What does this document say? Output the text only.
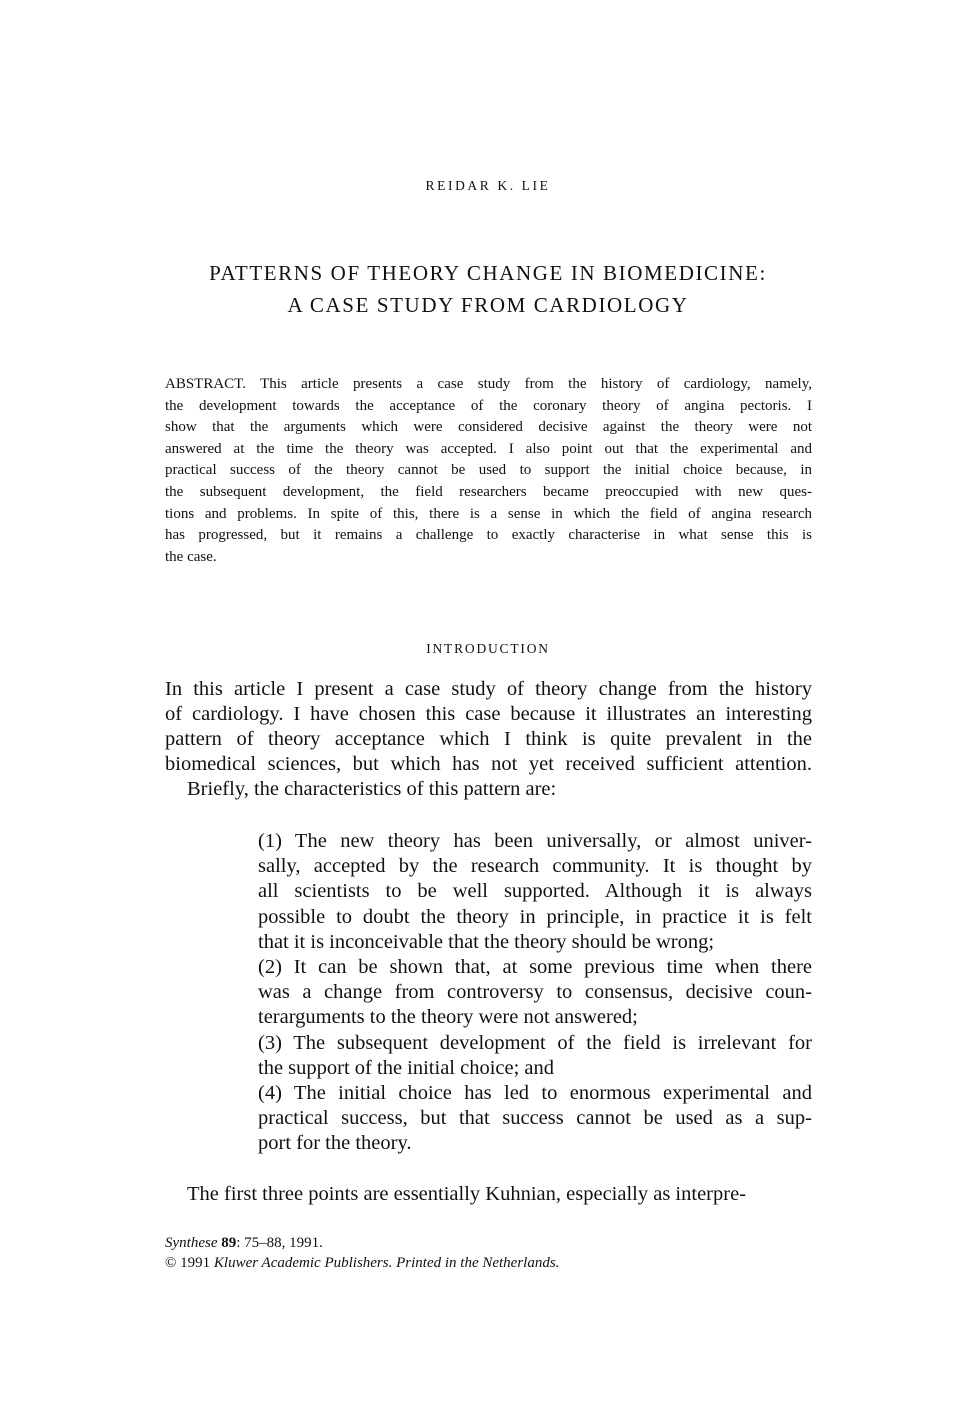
REIDAR K. LIE
PATTERNS OF THEORY CHANGE IN BIOMEDICINE:
A CASE STUDY FROM CARDIOLOGY
ABSTRACT. This article presents a case study from the history of cardiology, namely,
the development towards the acceptance of the coronary theory of angina pectoris. I
show that the arguments which were considered decisive against the theory were not
answered at the time the theory was accepted. I also point out that the experimental and
practical success of the theory cannot be used to support the initial choice because, in
the subsequent development, the field researchers became preoccupied with new ques-
tions and problems. In spite of this, there is a sense in which the field of angina research
has progressed, but it remains a challenge to exactly characterise in what sense this is
the case.
INTRODUCTION
In this article I present a case study of theory change from the history
of cardiology. I have chosen this case because it illustrates an interesting
pattern of theory acceptance which I think is quite prevalent in the
biomedical sciences, but which has not yet received sufficient attention.
Briefly, the characteristics of this pattern are:
(1) The new theory has been universally, or almost univer-
sally, accepted by the research community. It is thought by
all scientists to be well supported. Although it is always
possible to doubt the theory in principle, in practice it is felt
that it is inconceivable that the theory should be wrong;
(2) It can be shown that, at some previous time when there
was a change from controversy to consensus, decisive coun-
terarguments to the theory were not answered;
(3) The subsequent development of the field is irrelevant for
the support of the initial choice; and
(4) The initial choice has led to enormous experimental and
practical success, but that success cannot be used as a sup-
port for the theory.
The first three points are essentially Kuhnian, especially as interpre-
Synthese 89: 75–88, 1991.
© 1991 Kluwer Academic Publishers. Printed in the Netherlands.
